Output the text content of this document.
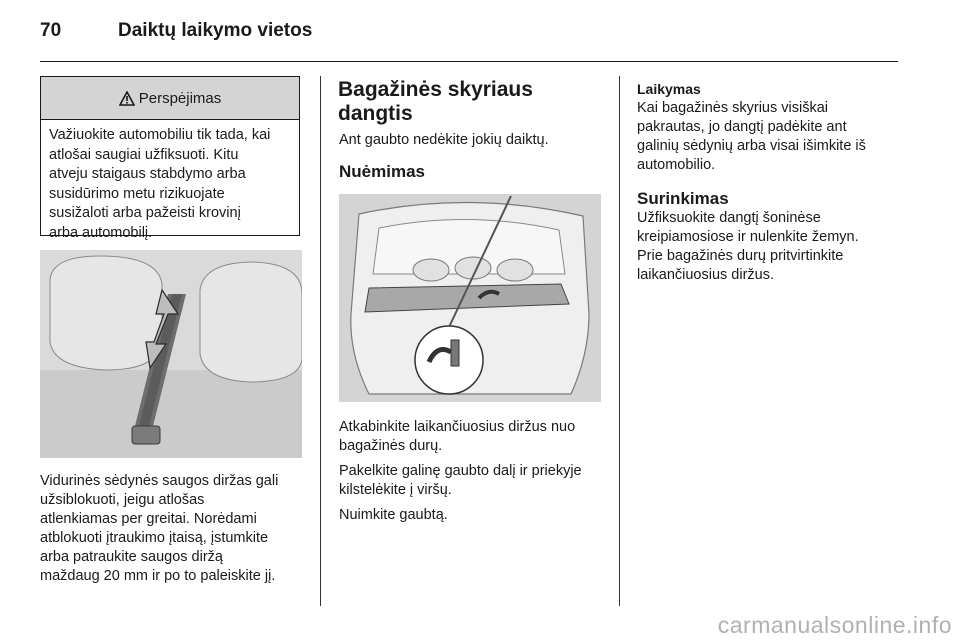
70	Daiktų laikymo vietos
Perspėjimas
Važiuokite automobiliu tik tada, kai
atlošai saugiai užfiksuoti. Kitu
atveju staigaus stabdymo arba
susidūrimo metu rizikuojate
susižaloti arba pažeisti krovinį
arba automobilį.
Vidurinės sėdynės saugos diržas gali
užsiblokuoti, jeigu atlošas
atlenkiamas per greitai. Norėdami
atblokuoti įtraukimo įtaisą, įstumkite
arba patraukite saugos diržą
maždaug 20 mm ir po to paleiskite jį.
Bagažinės skyriaus
dangtis
Ant gaubto nedėkite jokių daiktų.
Nuėmimas
Atkabinkite laikančiuosius diržus nuo
bagažinės durų.
Pakelkite galinę gaubto dalį ir priekyje
kilstelėkite į viršų.
Nuimkite gaubtą.
Laikymas
Kai bagažinės skyrius visiškai
pakrautas, jo dangtį padėkite ant
galinių sėdynių arba visai išimkite iš
automobilio.
Surinkimas
Užfiksuokite dangtį šoninėse
kreipiamosiose ir nulenkite žemyn.
Prie bagažinės durų pritvirtinkite
laikančiuosius diržus.
carmanualsonline.info
